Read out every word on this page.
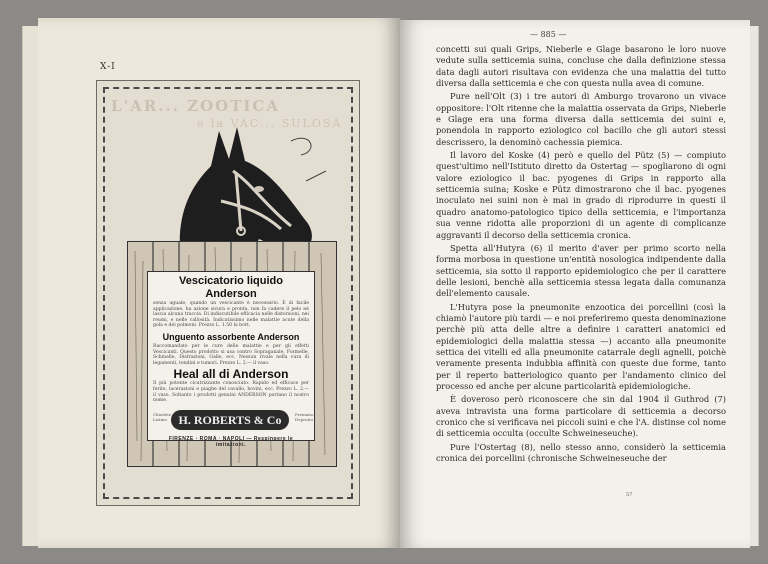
X-I
L'AR... ZOOTICA
e la VAC... SULOSA
Vescicatorio liquido Anderson
senza uguale, quando un vescicante è necessario. È di facile applicazione, ha azione sicura e pronta, non fa cadere il pelo nè lascia alcuna traccia. Di indiscutibile efficacia nelle distorsioni, nei reumi, e nelle callosità. Indicatissimo nelle malattie acute della gola e dei polmoni. Prezzo L. 1.50 la bott.
Unguento assorbente Anderson
Raccomandato per le cure delle malattie e per gli effetti Vescicanti. Questo prodotto si usa contro Sopraganale, Formelle, Schinelle, Distrazioni, Galle, ecc. Nessun rivale nella cura di legamenti, tendini e tumori. Prezzo L. 2.— il vaso.
Heal all di Anderson
Il più potente cicatrizzante conosciuto. Rapido ed efficace per ferite, lacerazioni e piaghe del cavallo, bovini, ecc. Prezzo L. 2.— il vaso. Soltanto i prodotti genuini ANDERSON portano il nostro nome.
Chiedete Listino H. ROBERTS & Co	Premiato Deposito
FIRENZE · ROMA · NAPOLI — Respingere le imitazioni.
— 885 —

concetti sui quali Grips, Nieberle e Glage basarono le loro nuove vedute sulla setticemia suina, concluse che dalla definizione stessa data dagli autori risultava con evidenza che una malattia del tutto diversa dalla setticemia e che con questa nulla avea di comune.

Pure nell'Olt (3) i tre autori di Amburgo trovarono un vivace oppositore: l'Olt ritenne che la malattia osservata da Grips, Nieberle e Glage era una forma diversa dalla setticemia dei suini e, ponendola in rapporto eziologico col bacillo che gli autori stessi descrissero, la denominò cachessia piemica.

Il lavoro del Koske (4) però e quello del Pütz (5) — compiuto quest'ultimo nell'Istituto diretto da Ostertag — spogliarono di ogni valore eziologico il bac. pyogenes di Grips in rapporto alla setticemia suina; Koske e Pütz dimostrarono che il bac. pyogenes inoculato nei suini non è mai in grado di riprodurre in questi il quadro anatomo-patologico tipico della setticemia, e l'importanza sua venne ridotta alle proporzioni di un agente di complicanze aggravanti il decorso della setticemia cronica.

Spetta all'Hutyra (6) il merito d'aver per primo scorto nella forma morbosa in questione un'entità nosologica indipendente dalla setticemia, sia sotto il rapporto epidemiologico che per il carattere delle lesioni, benchè alla setticemia stessa legata dalla comunanza dell'elemento causale.

L'Hutyra pose la pneumonite enzootica dei porcellini (così la chiamò l'autore più tardi — e noi preferiremo questa denominazione perchè più atta delle altre a definire i caratteri anatomici ed epidemiologici della malattia stessa —) accanto alla pneumonite settica dei vitelli ed alla pneumonite catarrale degli agnelli, poichè veramente presenta indubbia affinità con queste due forme, tanto per il reperto batteriologico quanto per l'andamento clinico del processo ed anche per alcune particolarità epidemiologiche.

È doveroso però riconoscere che sin dal 1904 il Guthrod (7) aveva intravista una forma particolare di setticemia a decorso cronico che si verificava nei piccoli suini e che l'A. distinse col nome di setticemia occulta (occulte Schweineseuche).

Pure l'Ostertag (8), nello stesso anno, considerò la setticemia cronica dei porcellini (chronische Schweineseuche der

57
